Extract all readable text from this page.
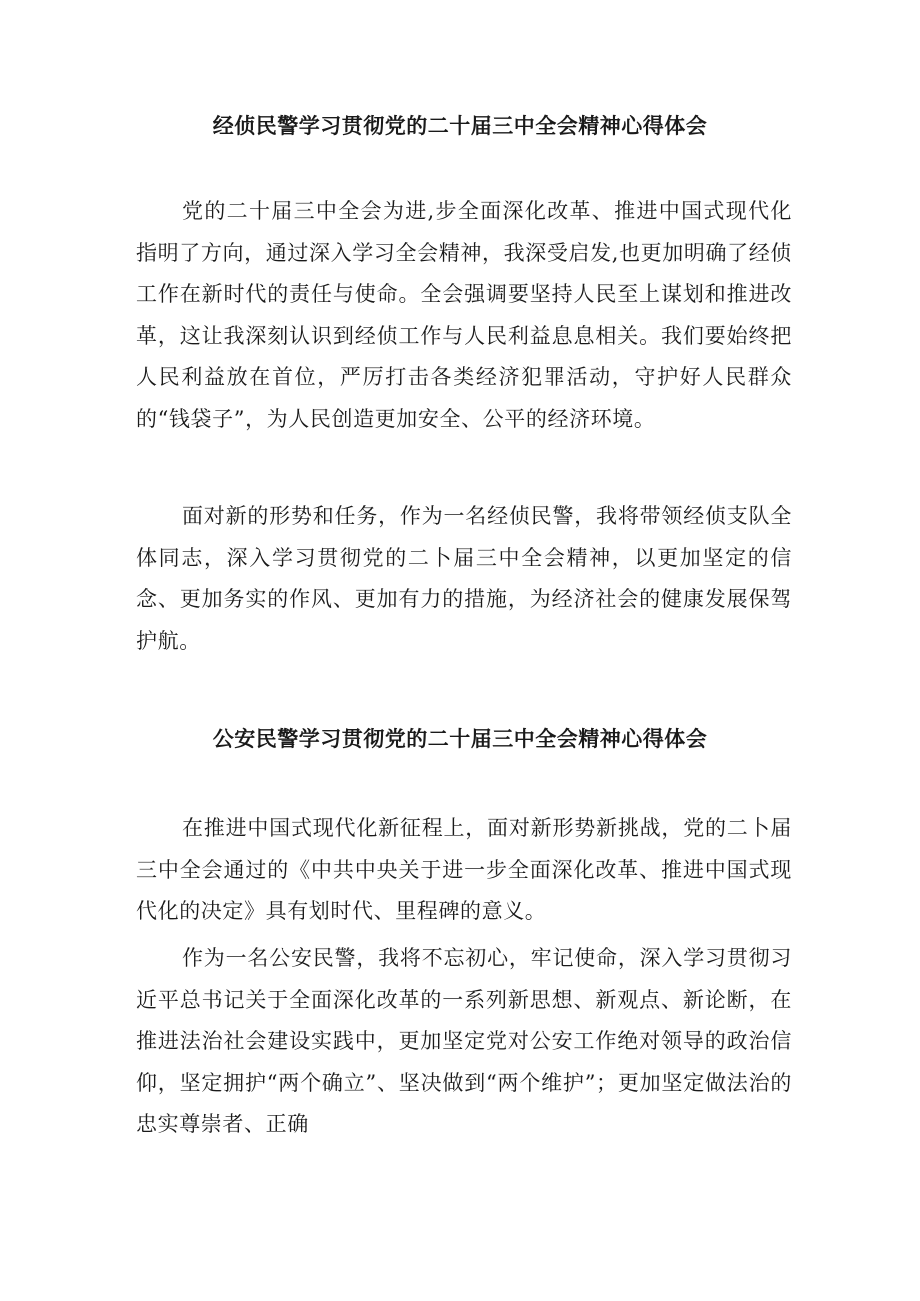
经侦民警学习贯彻党的二十届三中全会精神心得体会

党的二十届三中全会为进,步全面深化改革、推进中国式现代化指明了方向，通过深入学习全会精神，我深受启发,也更加明确了经侦工作在新时代的责任与使命。全会强调要坚持人民至上谋划和推进改革，这让我深刻认识到经侦工作与人民利益息息相关。我们要始终把人民利益放在首位，严厉打击各类经济犯罪活动，守护好人民群众的“钱袋子”，为人民创造更加安全、公平的经济环境。

面对新的形势和任务，作为一名经侦民警，我将带领经侦支队全体同志，深入学习贯彻党的二卜届三中全会精神，以更加坚定的信念、更加务实的作风、更加有力的措施，为经济社会的健康发展保驾护航。

公安民警学习贯彻党的二十届三中全会精神心得体会

在推进中国式现代化新征程上，面对新形势新挑战，党的二卜届三中全会通过的《中共中央关于进一步全面深化改革、推进中国式现代化的决定》具有划时代、里程碑的意义。

作为一名公安民警，我将不忘初心，牢记使命，深入学习贯彻习近平总书记关于全面深化改革的一系列新思想、新观点、新论断，在推进法治社会建设实践中，更加坚定党对公安工作绝对领导的政治信仰，坚定拥护“两个确立”、坚决做到“两个维护”；更加坚定做法治的忠实尊崇者、正确
